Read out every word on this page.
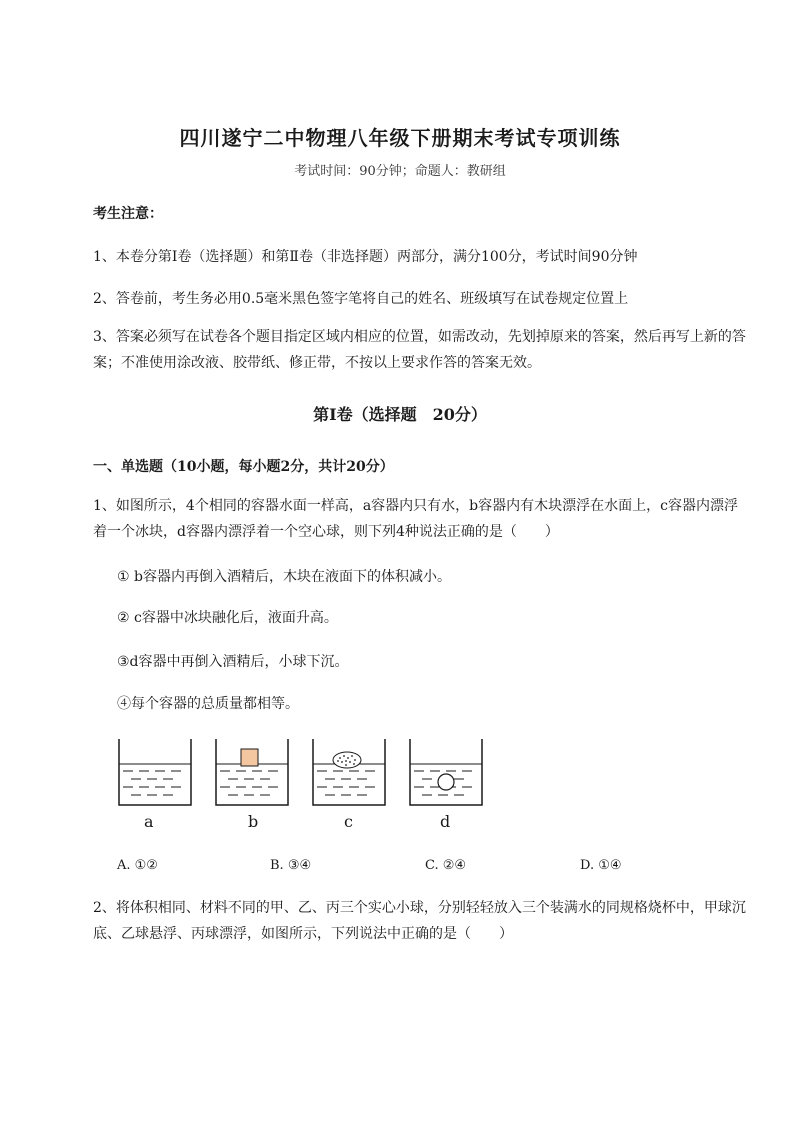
四川遂宁二中物理八年级下册期末考试专项训练
考试时间：90分钟；命题人：教研组
考生注意：
1、本卷分第Ⅰ卷（选择题）和第Ⅱ卷（非选择题）两部分，满分100分，考试时间90分钟
2、答卷前，考生务必用0.5毫米黑色签字笔将自己的姓名、班级填写在试卷规定位置上
3、答案必须写在试卷各个题目指定区域内相应的位置，如需改动，先划掉原来的答案，然后再写上新的答案；不准使用涂改液、胶带纸、修正带，不按以上要求作答的答案无效。
第Ⅰ卷（选择题　20分）
一、单选题（10小题，每小题2分，共计20分）
1、如图所示，4个相同的容器水面一样高，a容器内只有水，b容器内有木块漂浮在水面上，c容器内漂浮着一个冰块，d容器内漂浮着一个空心球，则下列4种说法正确的是（　　）
① b容器内再倒入酒精后，木块在液面下的体积减小。
② c容器中冰块融化后，液面升高。
③d容器中再倒入酒精后，小球下沉。
④每个容器的总质量都相等。
a	b	c	d
A. ①②	B. ③④	C. ②④	D. ①④
2、将体积相同、材料不同的甲、乙、丙三个实心小球，分别轻轻放入三个装满水的同规格烧杯中，甲球沉底、乙球悬浮、丙球漂浮，如图所示，下列说法中正确的是（　　）
